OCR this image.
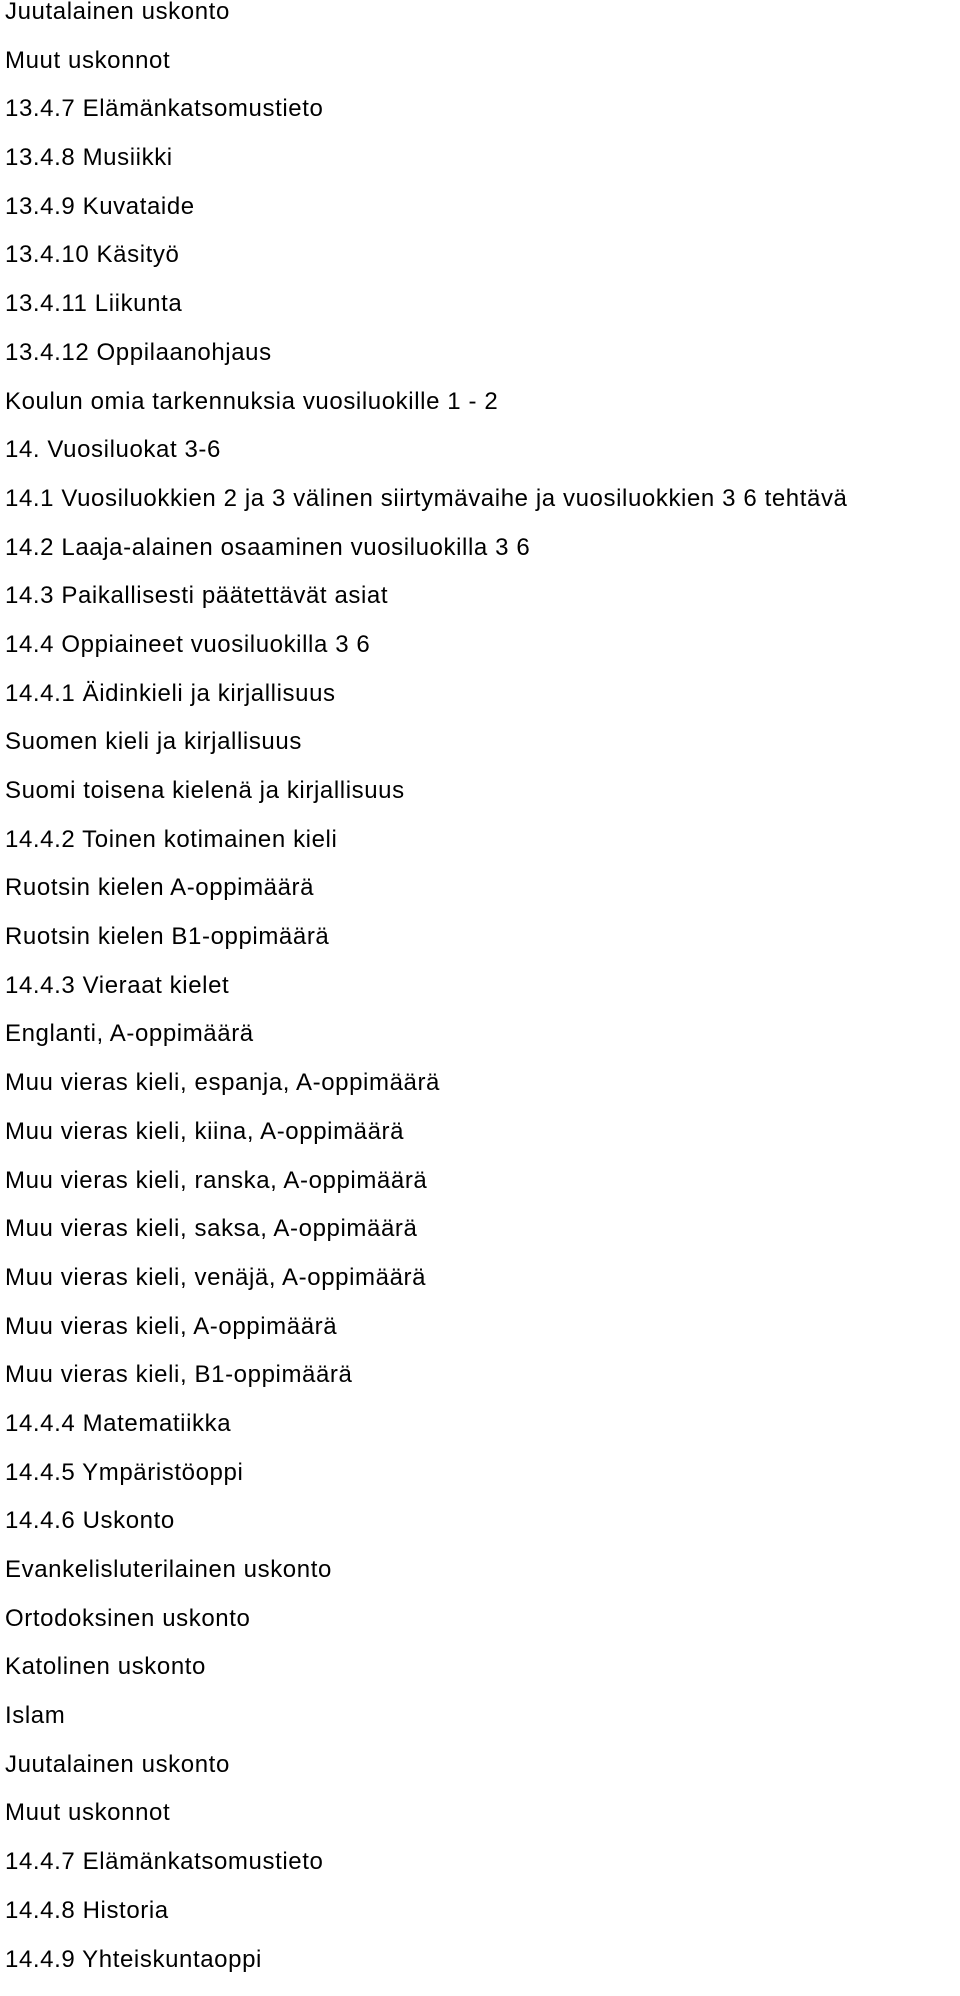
Juutalainen uskonto
Muut uskonnot
13.4.7 Elämänkatsomustieto
13.4.8 Musiikki
13.4.9 Kuvataide
13.4.10 Käsityö
13.4.11 Liikunta
13.4.12 Oppilaanohjaus
Koulun omia tarkennuksia vuosiluokille 1 - 2
14. Vuosiluokat 3-6
14.1 Vuosiluokkien 2 ja 3 välinen siirtymävaihe ja vuosiluokkien 3 6 tehtävä
14.2 Laaja-alainen osaaminen vuosiluokilla 3 6
14.3 Paikallisesti päätettävät asiat
14.4 Oppiaineet vuosiluokilla 3 6
14.4.1 Äidinkieli ja kirjallisuus
Suomen kieli ja kirjallisuus
Suomi toisena kielenä ja kirjallisuus
14.4.2 Toinen kotimainen kieli
Ruotsin kielen A-oppimäärä
Ruotsin kielen B1-oppimäärä
14.4.3 Vieraat kielet
Englanti, A-oppimäärä
Muu vieras kieli, espanja, A-oppimäärä
Muu vieras kieli, kiina, A-oppimäärä
Muu vieras kieli, ranska, A-oppimäärä
Muu vieras kieli, saksa, A-oppimäärä
Muu vieras kieli, venäjä, A-oppimäärä
Muu vieras kieli, A-oppimäärä
Muu vieras kieli, B1-oppimäärä
14.4.4 Matematiikka
14.4.5 Ympäristöoppi
14.4.6 Uskonto
Evankelisluterilainen uskonto
Ortodoksinen uskonto
Katolinen uskonto
Islam
Juutalainen uskonto
Muut uskonnot
14.4.7 Elämänkatsomustieto
14.4.8 Historia
14.4.9 Yhteiskuntaoppi
